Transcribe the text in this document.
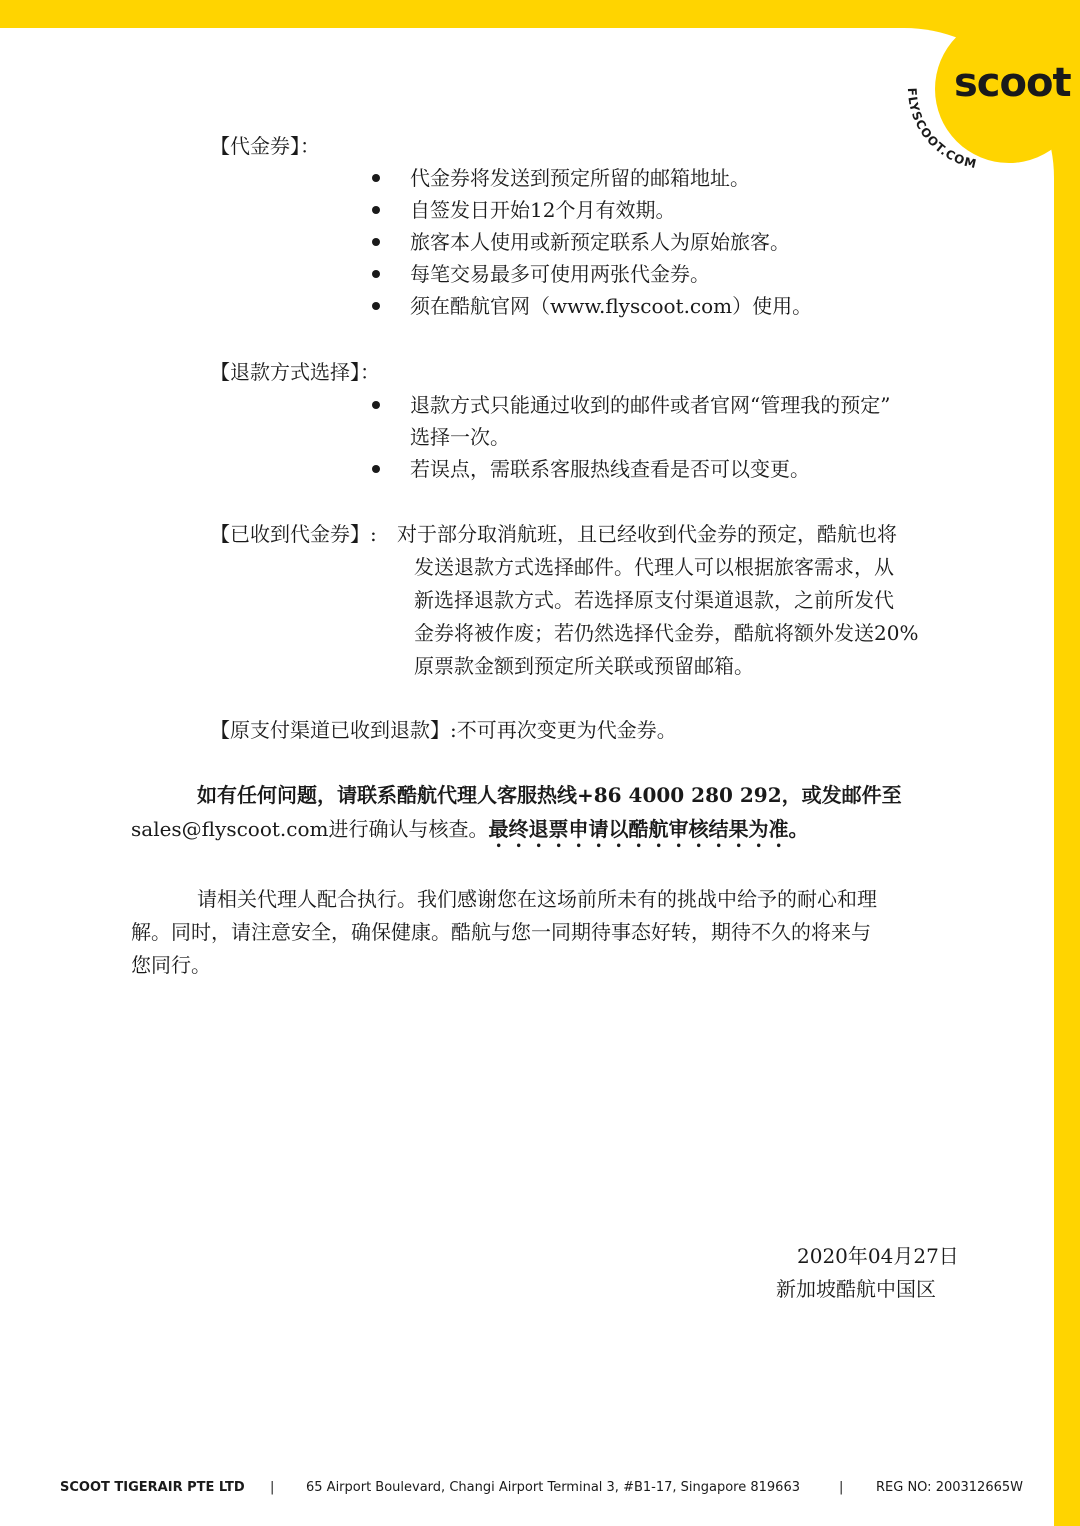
scoot
FLYSCOOT.COM
【代金券】：
代金券将发送到预定所留的邮箱地址。
自签发日开始12个月有效期。
旅客本人使用或新预定联系人为原始旅客。
每笔交易最多可使用两张代金券。
须在酷航官网（www.flyscoot.com）使用。
【退款方式选择】：
退款方式只能通过收到的邮件或者官网“管理我的预定”
选择一次。
若误点，需联系客服热线查看是否可以变更。
【已收到代金券】: 对于部分取消航班，且已经收到代金券的预定，酷航也将
发送退款方式选择邮件。代理人可以根据旅客需求，从
新选择退款方式。若选择原支付渠道退款，之前所发代
金券将被作废；若仍然选择代金券，酷航将额外发送20%
原票款金额到预定所关联或预留邮箱。
【原支付渠道已收到退款】:不可再次变更为代金券。
如有任何问题，请联系酷航代理人客服热线+86 4000 280 292，或发邮件至
sales@flyscoot.com进行确认与核查。最终退票申请以酷航审核结果为准。
请相关代理人配合执行。我们感谢您在这场前所未有的挑战中给予的耐心和理
解。同时，请注意安全，确保健康。酷航与您一同期待事态好转，期待不久的将来与
您同行。
2020年04月27日
新加坡酷航中国区
SCOOT TIGERAIR PTE LTD | 65 Airport Boulevard, Changi Airport Terminal 3, #B1-17, Singapore 819663	|	REG NO: 200312665W
